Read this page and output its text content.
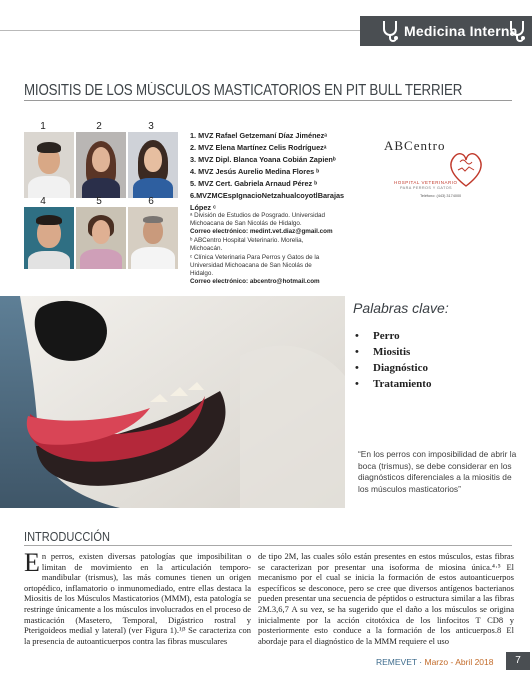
Medicina Interna
MIOSITIS DE LOS MÚSCULOS MASTICATORIOS EN PIT BULL TERRIER
1	2	3
4	5	6
1. MVZ Rafael Getzemaní Díaz Jiménezᵃ
2. MVZ Elena Martínez Celis Rodríguezᵃ
3. MVZ Dipl. Blanca Yoana Cobián Zapienᵇ
4. MVZ Jesús Aurelio Medina Flores ᵇ
5. MVZ Cert. Gabriela Arnaud Pérez ᵇ
6.MVZMCEspIgnacioNetzahualcoyotlBarajas
López ᶜ
ᵃ División de Estudios de Posgrado. Universidad
Michoacana de San Nicolás de Hidalgo.
Correo electrónico: medint.vet.diaz@gmail.com
ᵇ ABCentro Hospital Veterinario. Morelia,
Michoacán.
ᶜ Clínica Veterinaria Para Perros y Gatos de la
Universidad Michoacana de San Nicolás de
Hidalgo.
Correo electrónico: abcentro@hotmail.com
ABCentro
HOSPITAL VETERINARIO
PARA PERROS Y GATOS
Teléfono: (443) 3174000
Palabras clave:
• Perro
• Miositis
• Diagnóstico
• Tratamiento
“En los perros con imposibilidad de abrir la boca (trismus), se debe considerar en los diagnósticos diferenciales a la miositis de los músculos masticatorios”
INTRODUCCIÓN
En perros, existen diversas patologías que imposibilitan o limitan de movimiento en la articulación temporo-mandibular (trismus), las más comunes tienen un origen ortopédico, inflamatorio o inmunomediado, entre ellas destaca la Miositis de los Músculos Masticatorios (MMM), esta patología se restringe únicamente a los músculos involucrados en el proceso de masticación (Masetero, Temporal, Digástrico rostral y Pterigoideos medial y lateral) (ver Figura 1).¹ʲ³ Se caracteriza con la presencia de autoanticuerpos contra las fibras musculares
de tipo 2M, las cuales sólo están presentes en estos músculos, estas fibras se caracterizan por presentar una isoforma de miosina única.⁴·⁵ El mecanismo por el cual se inicia la formación de estos autoanticuerpos específicos se desconoce, pero se cree que diversos antígenos bacterianos pueden presentar una secuencia de péptidos o estructura similar a las fibras 2M.3,6,7 A su vez, se ha sugerido que el daño a los músculos se origina inicialmente por la acción citotóxica de los linfocitos T CD8 y posteriormente esto conduce a la formación de los anticuerpos.8 El abordaje para el diagnóstico de la MMM requiere el uso
REMEVET · Marzo - Abril 2018	7
